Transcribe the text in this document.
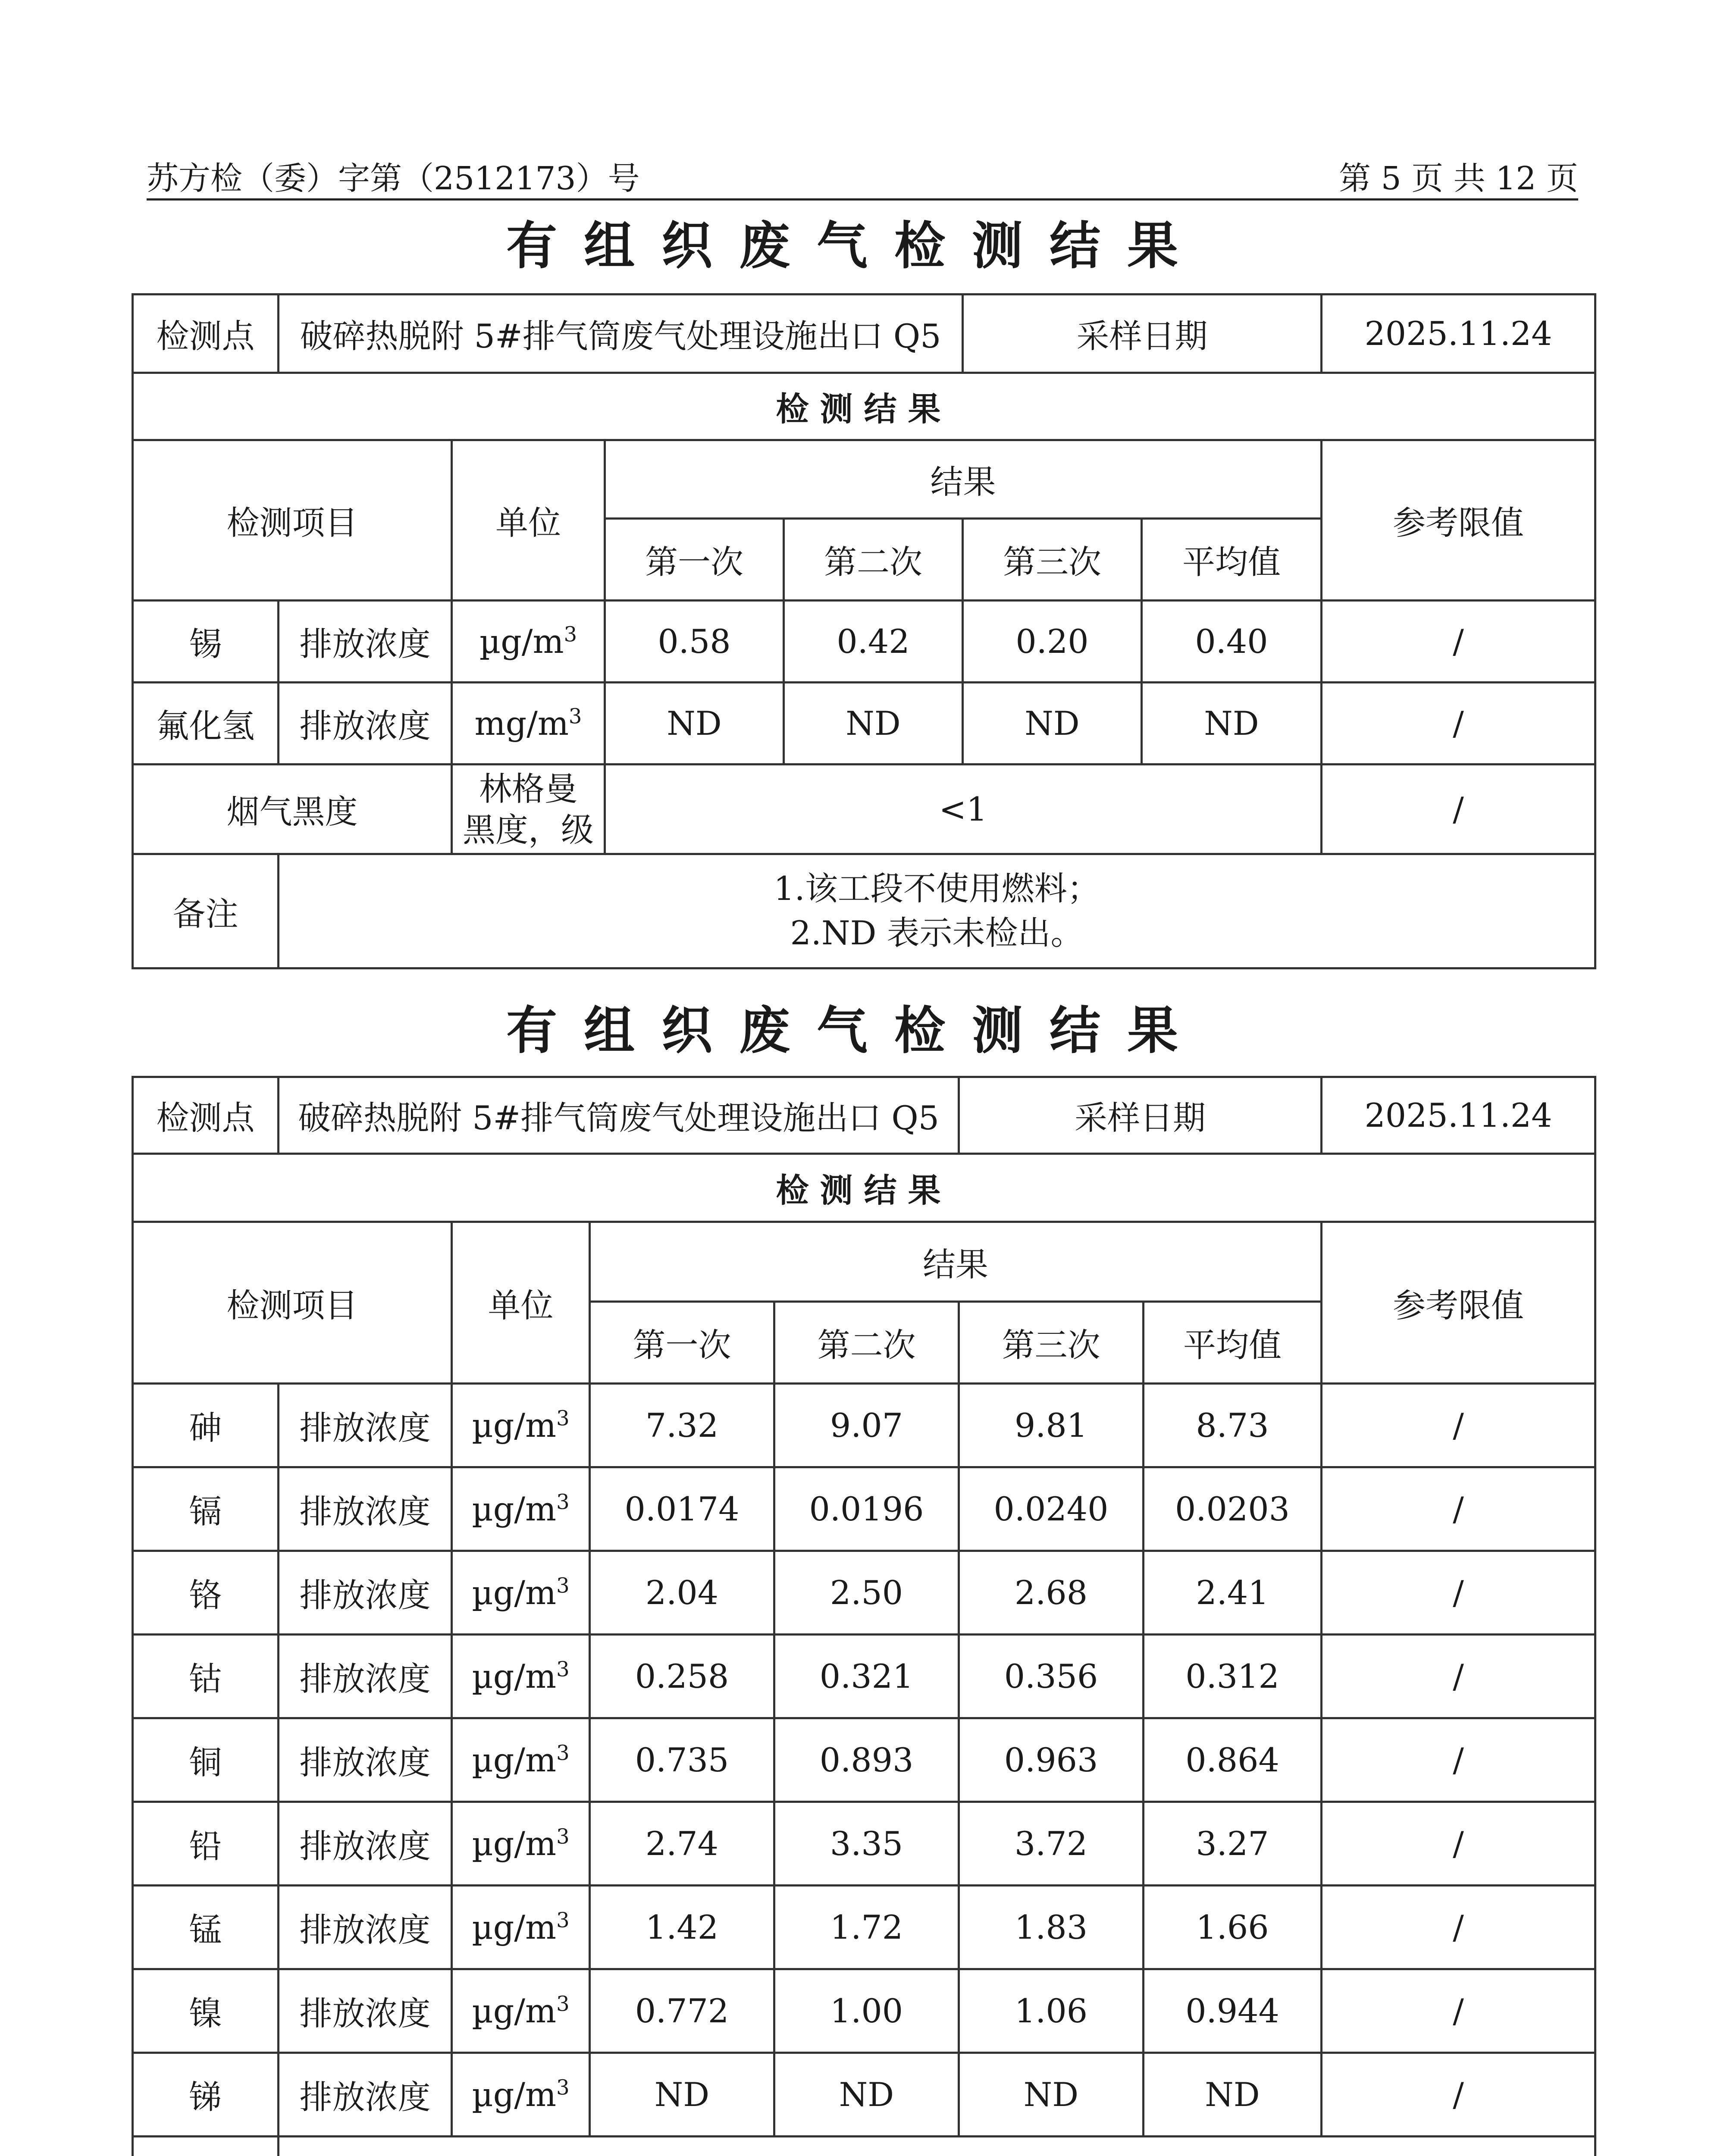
苏方检（委）字第（2512173）号	第 5 页 共 12 页
有组织废气检测结果
检测点	破碎热脱附 5#排气筒废气处理设施出口 Q5				采样日期		2025.11.24
检测结果							
检测项目		单位	结果				参考限值
			第一次	第二次	第三次	平均值	
锡	排放浓度	$\mu g/m^3$	0.58	0.42	0.20	0.40	/
氟化氢	排放浓度	$mg/m^3$	ND	ND	ND	ND	/
烟气黑度		林格曼
黑度，级	<1				/
备注	1.该工段不使用燃料；
2.ND 表示未检出。						
有组织废气检测结果
检测点	破碎热脱附 5#排气筒废气处理设施出口 Q5				采样日期		2025.11.24
检测结果							
检测项目		单位	结果				参考限值
			第一次	第二次	第三次	平均值	
砷	排放浓度	$\mu g/m^3$	7.32	9.07	9.81	8.73	/
镉	排放浓度	$\mu g/m^3$	0.0174	0.0196	0.0240	0.0203	/
铬	排放浓度	$\mu g/m^3$	2.04	2.50	2.68	2.41	/
钴	排放浓度	$\mu g/m^3$	0.258	0.321	0.356	0.312	/
铜	排放浓度	$\mu g/m^3$	0.735	0.893	0.963	0.864	/
铅	排放浓度	$\mu g/m^3$	2.74	3.35	3.72	3.27	/
锰	排放浓度	$\mu g/m^3$	1.42	1.72	1.83	1.66	/
镍	排放浓度	$\mu g/m^3$	0.772	1.00	1.06	0.944	/
锑	排放浓度	$\mu g/m^3$	ND	ND	ND	ND	/
